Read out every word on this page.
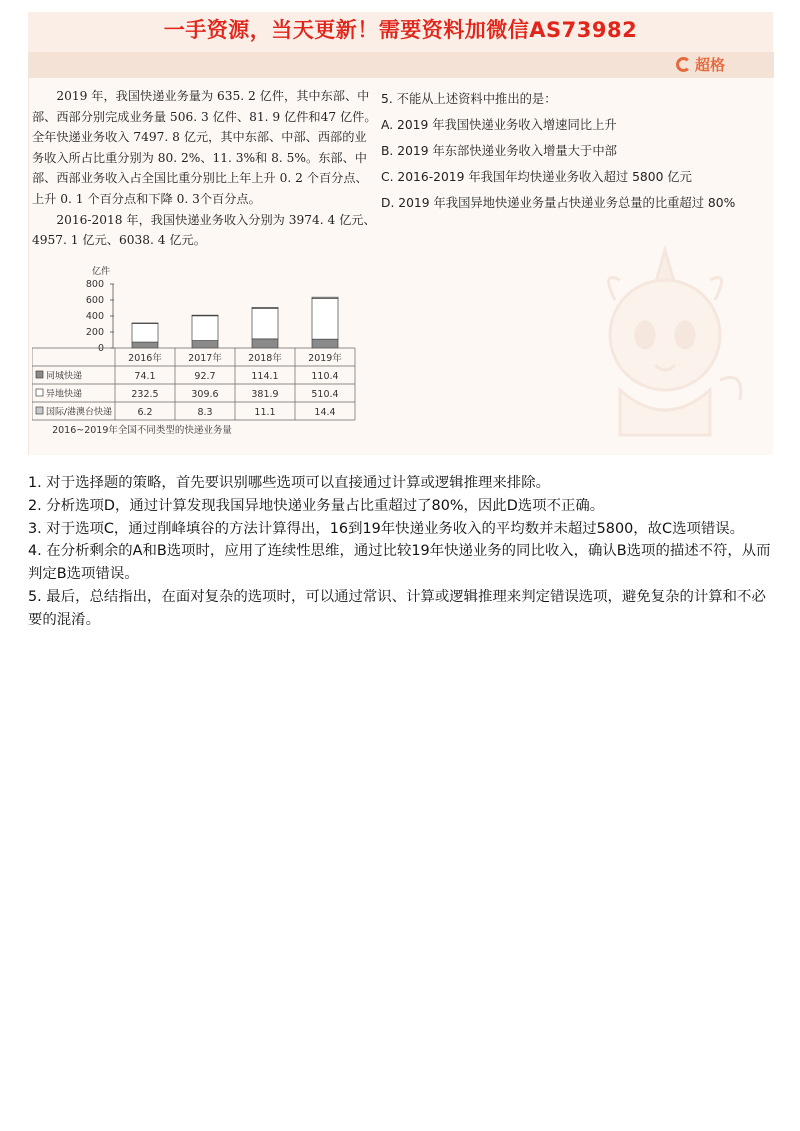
一手资源，当天更新！需要资料加微信AS73982
超格

2019 年，我国快递业务量为 635. 2 亿件，其中东部、中部、西部分别完成业务量 506. 3 亿件、81. 9 亿件和47 亿件。全年快递业务收入 7497. 8 亿元，其中东部、中部、西部的业务收入所占比重分别为 80. 2%、11. 3%和 8. 5%。东部、中部、西部业务收入占全国比重分别比上年上升 0. 2 个百分点、上升 0. 1 个百分点和下降 0. 3个百分点。

2016-2018 年，我国快递业务收入分别为 3974. 4 亿元、4957. 1 亿元、6038. 4 亿元。

5. 不能从上述资料中推出的是：
A. 2019 年我国快递业务收入增速同比上升
B. 2019 年东部快递业务收入增量大于中部
C. 2016-2019 年我国年均快递业务收入超过 5800 亿元
D. 2019 年我国异地快递业务量占快递业务总量的比重超过 80%
亿件
0
200
400
600
800
2016年	2017年	2018年	2019年
同城快递	74.1	92.7	114.1	110.4
异地快递	232.5	309.6	381.9	510.4
国际/港澳台快递	6.2	8.3	11.1	14.4
2016~2019年全国不同类型的快递业务量

1. 对于选择题的策略，首先要识别哪些选项可以直接通过计算或逻辑推理来排除。

2. 分析选项D，通过计算发现我国异地快递业务量占比重超过了80%，因此D选项不正确。

3. 对于选项C，通过削峰填谷的方法计算得出，16到19年快递业务收入的平均数并未超过5800，故C选项错误。

4. 在分析剩余的A和B选项时，应用了连续性思维，通过比较19年快递业务的同比收入，确认B选项的描述不符，从而判定B选项错误。

5. 最后，总结指出，在面对复杂的选项时，可以通过常识、计算或逻辑推理来判定错误选项，避免复杂的计算和不必要的混淆。
